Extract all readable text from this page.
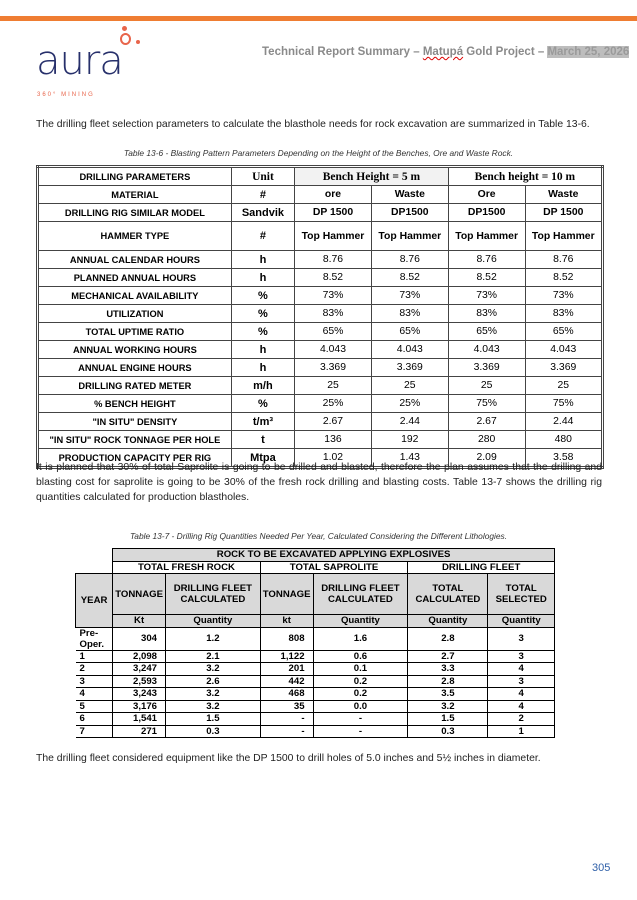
aura
360° MINING
Technical Report Summary – Matupá Gold Project – March 25, 2026
The drilling fleet selection parameters to calculate the blasthole needs for rock excavation are summarized in Table 13-6.
Table 13-6 - Blasting Pattern Parameters Depending on the Height of the Benches, Ore and Waste Rock.
DRILLING PARAMETERS	Unit	Bench Height = 5 m		Bench height = 10 m	
MATERIAL	#	ore	Waste	Ore	Waste
DRILLING RIG SIMILAR MODEL	Sandvik	DP 1500	DP1500	DP1500	DP 1500
HAMMER TYPE	#	Top Hammer	Top Hammer	Top Hammer	Top Hammer
ANNUAL CALENDAR HOURS	h	8.76	8.76	8.76	8.76
PLANNED ANNUAL HOURS	h	8.52	8.52	8.52	8.52
MECHANICAL AVAILABILITY	%	73%	73%	73%	73%
UTILIZATION	%	83%	83%	83%	83%
TOTAL UPTIME RATIO	%	65%	65%	65%	65%
ANNUAL WORKING HOURS	h	4.043	4.043	4.043	4.043
ANNUAL ENGINE HOURS	h	3.369	3.369	3.369	3.369
DRILLING RATED METER	m/h	25	25	25	25
% BENCH HEIGHT	%	25%	25%	75%	75%
"IN SITU" DENSITY	t/m³	2.67	2.44	2.67	2.44
"IN SITU" ROCK TONNAGE PER HOLE	t	136	192	280	480
PRODUCTION CAPACITY PER RIG	Mtpa	1.02	1.43	2.09	3.58
It is planned that 30% of total Saprolite is going to be drilled and blasted, therefore the plan assumes that the drilling and blasting cost for saprolite is going to be 30% of the fresh rock drilling and blasting costs. Table 13-7 shows the drilling rig quantities calculated for production blastholes.
Table 13-7 - Drilling Rig Quantities Needed Per Year, Calculated Considering the Different Lithologies.
	ROCK TO BE EXCAVATED APPLYING EXPLOSIVES					
	TOTAL FRESH ROCK		TOTAL SAPROLITE		DRILLING FLEET	
YEAR	TONNAGE	DRILLING FLEET CALCULATED	TONNAGE	DRILLING FLEET CALCULATED	TOTAL CALCULATED	TOTAL SELECTED
	Kt	Quantity	kt	Quantity	Quantity	Quantity
Pre-Oper.	304	1.2	808	1.6	2.8	3
1	2,098	2.1	1,122	0.6	2.7	3
2	3,247	3.2	201	0.1	3.3	4
3	2,593	2.6	442	0.2	2.8	3
4	3,243	3.2	468	0.2	3.5	4
5	3,176	3.2	35	0.0	3.2	4
6	1,541	1.5	-	-	1.5	2
7	271	0.3	-	-	0.3	1
The drilling fleet considered equipment like the DP 1500 to drill holes of 5.0 inches and 5½ inches in diameter.
305
